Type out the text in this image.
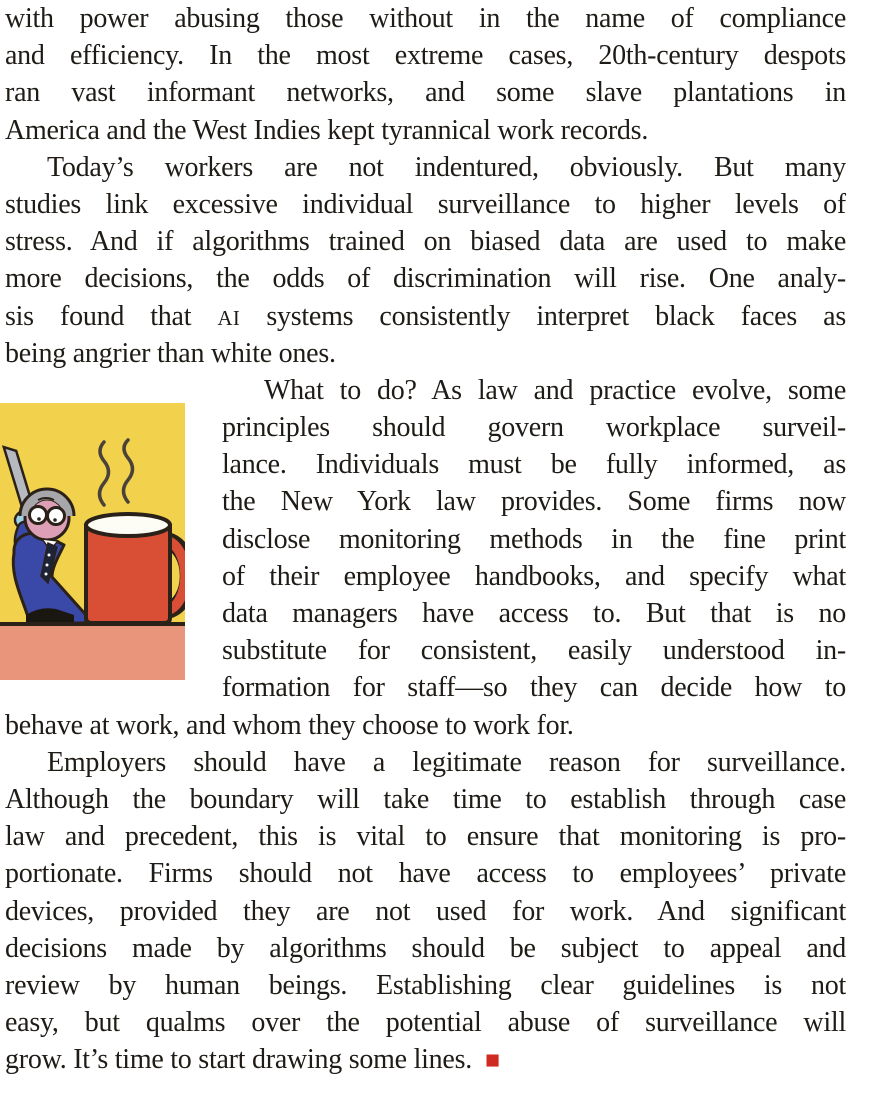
with power abusing those without in the name of compliance
and efficiency. In the most extreme cases, 20th-century despots
ran vast informant networks, and some slave plantations in
America and the West Indies kept tyrannical work records.
Today’s workers are not indentured, obviously. But many
studies link excessive individual surveillance to higher levels of
stress. And if algorithms trained on biased data are used to make
more decisions, the odds of discrimination will rise. One analy-
sis found that AI systems consistently interpret black faces as
being angrier than white ones.
What to do? As law and practice evolve, some
principles should govern workplace surveil-
lance. Individuals must be fully informed, as
the New York law provides. Some firms now
disclose monitoring methods in the fine print
of their employee handbooks, and specify what
data managers have access to. But that is no
substitute for consistent, easily understood in-
formation for staff—so they can decide how to
behave at work, and whom they choose to work for.
Employers should have a legitimate reason for surveillance.
Although the boundary will take time to establish through case
law and precedent, this is vital to ensure that monitoring is pro-
portionate. Firms should not have access to employees’ private
devices, provided they are not used for work. And significant
decisions made by algorithms should be subject to appeal and
review by human beings. Establishing clear guidelines is not
easy, but qualms over the potential abuse of surveillance will
grow. It’s time to start drawing some lines. ■
